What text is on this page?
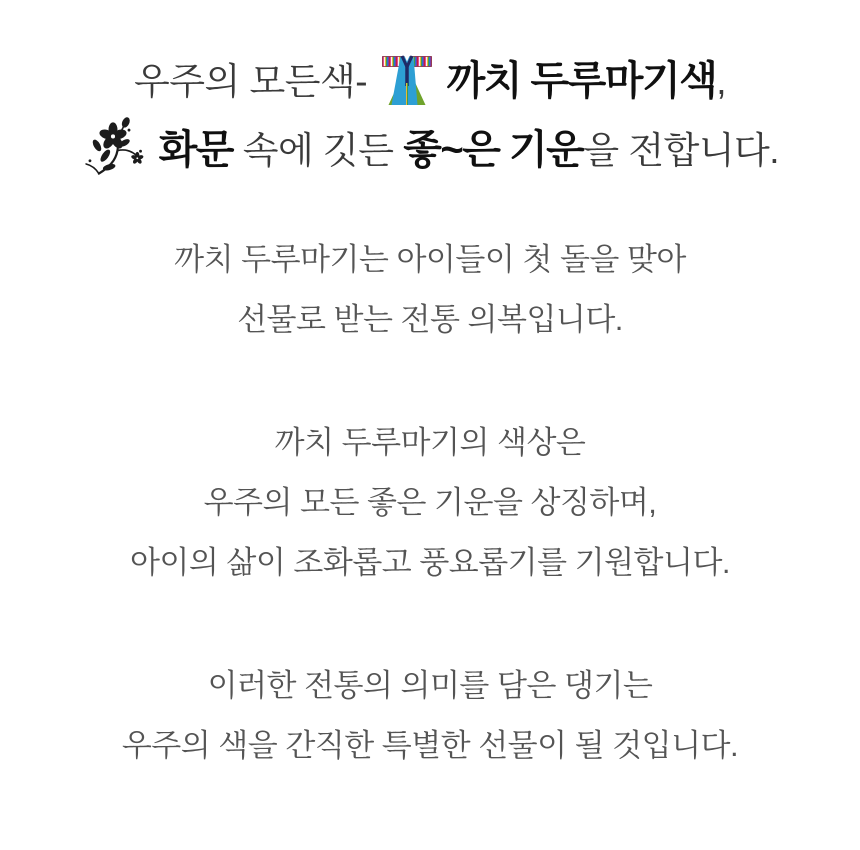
우주의 모든색- 까치 두루마기색,
화문 속에 깃든 좋~은 기운을 전합니다.

까치 두루마기는 아이들이 첫 돌을 맞아
선물로 받는 전통 의복입니다.

까치 두루마기의 색상은
우주의 모든 좋은 기운을 상징하며,
아이의 삶이 조화롭고 풍요롭기를 기원합니다.

이러한 전통의 의미를 담은 댕기는
우주의 색을 간직한 특별한 선물이 될 것입니다.
